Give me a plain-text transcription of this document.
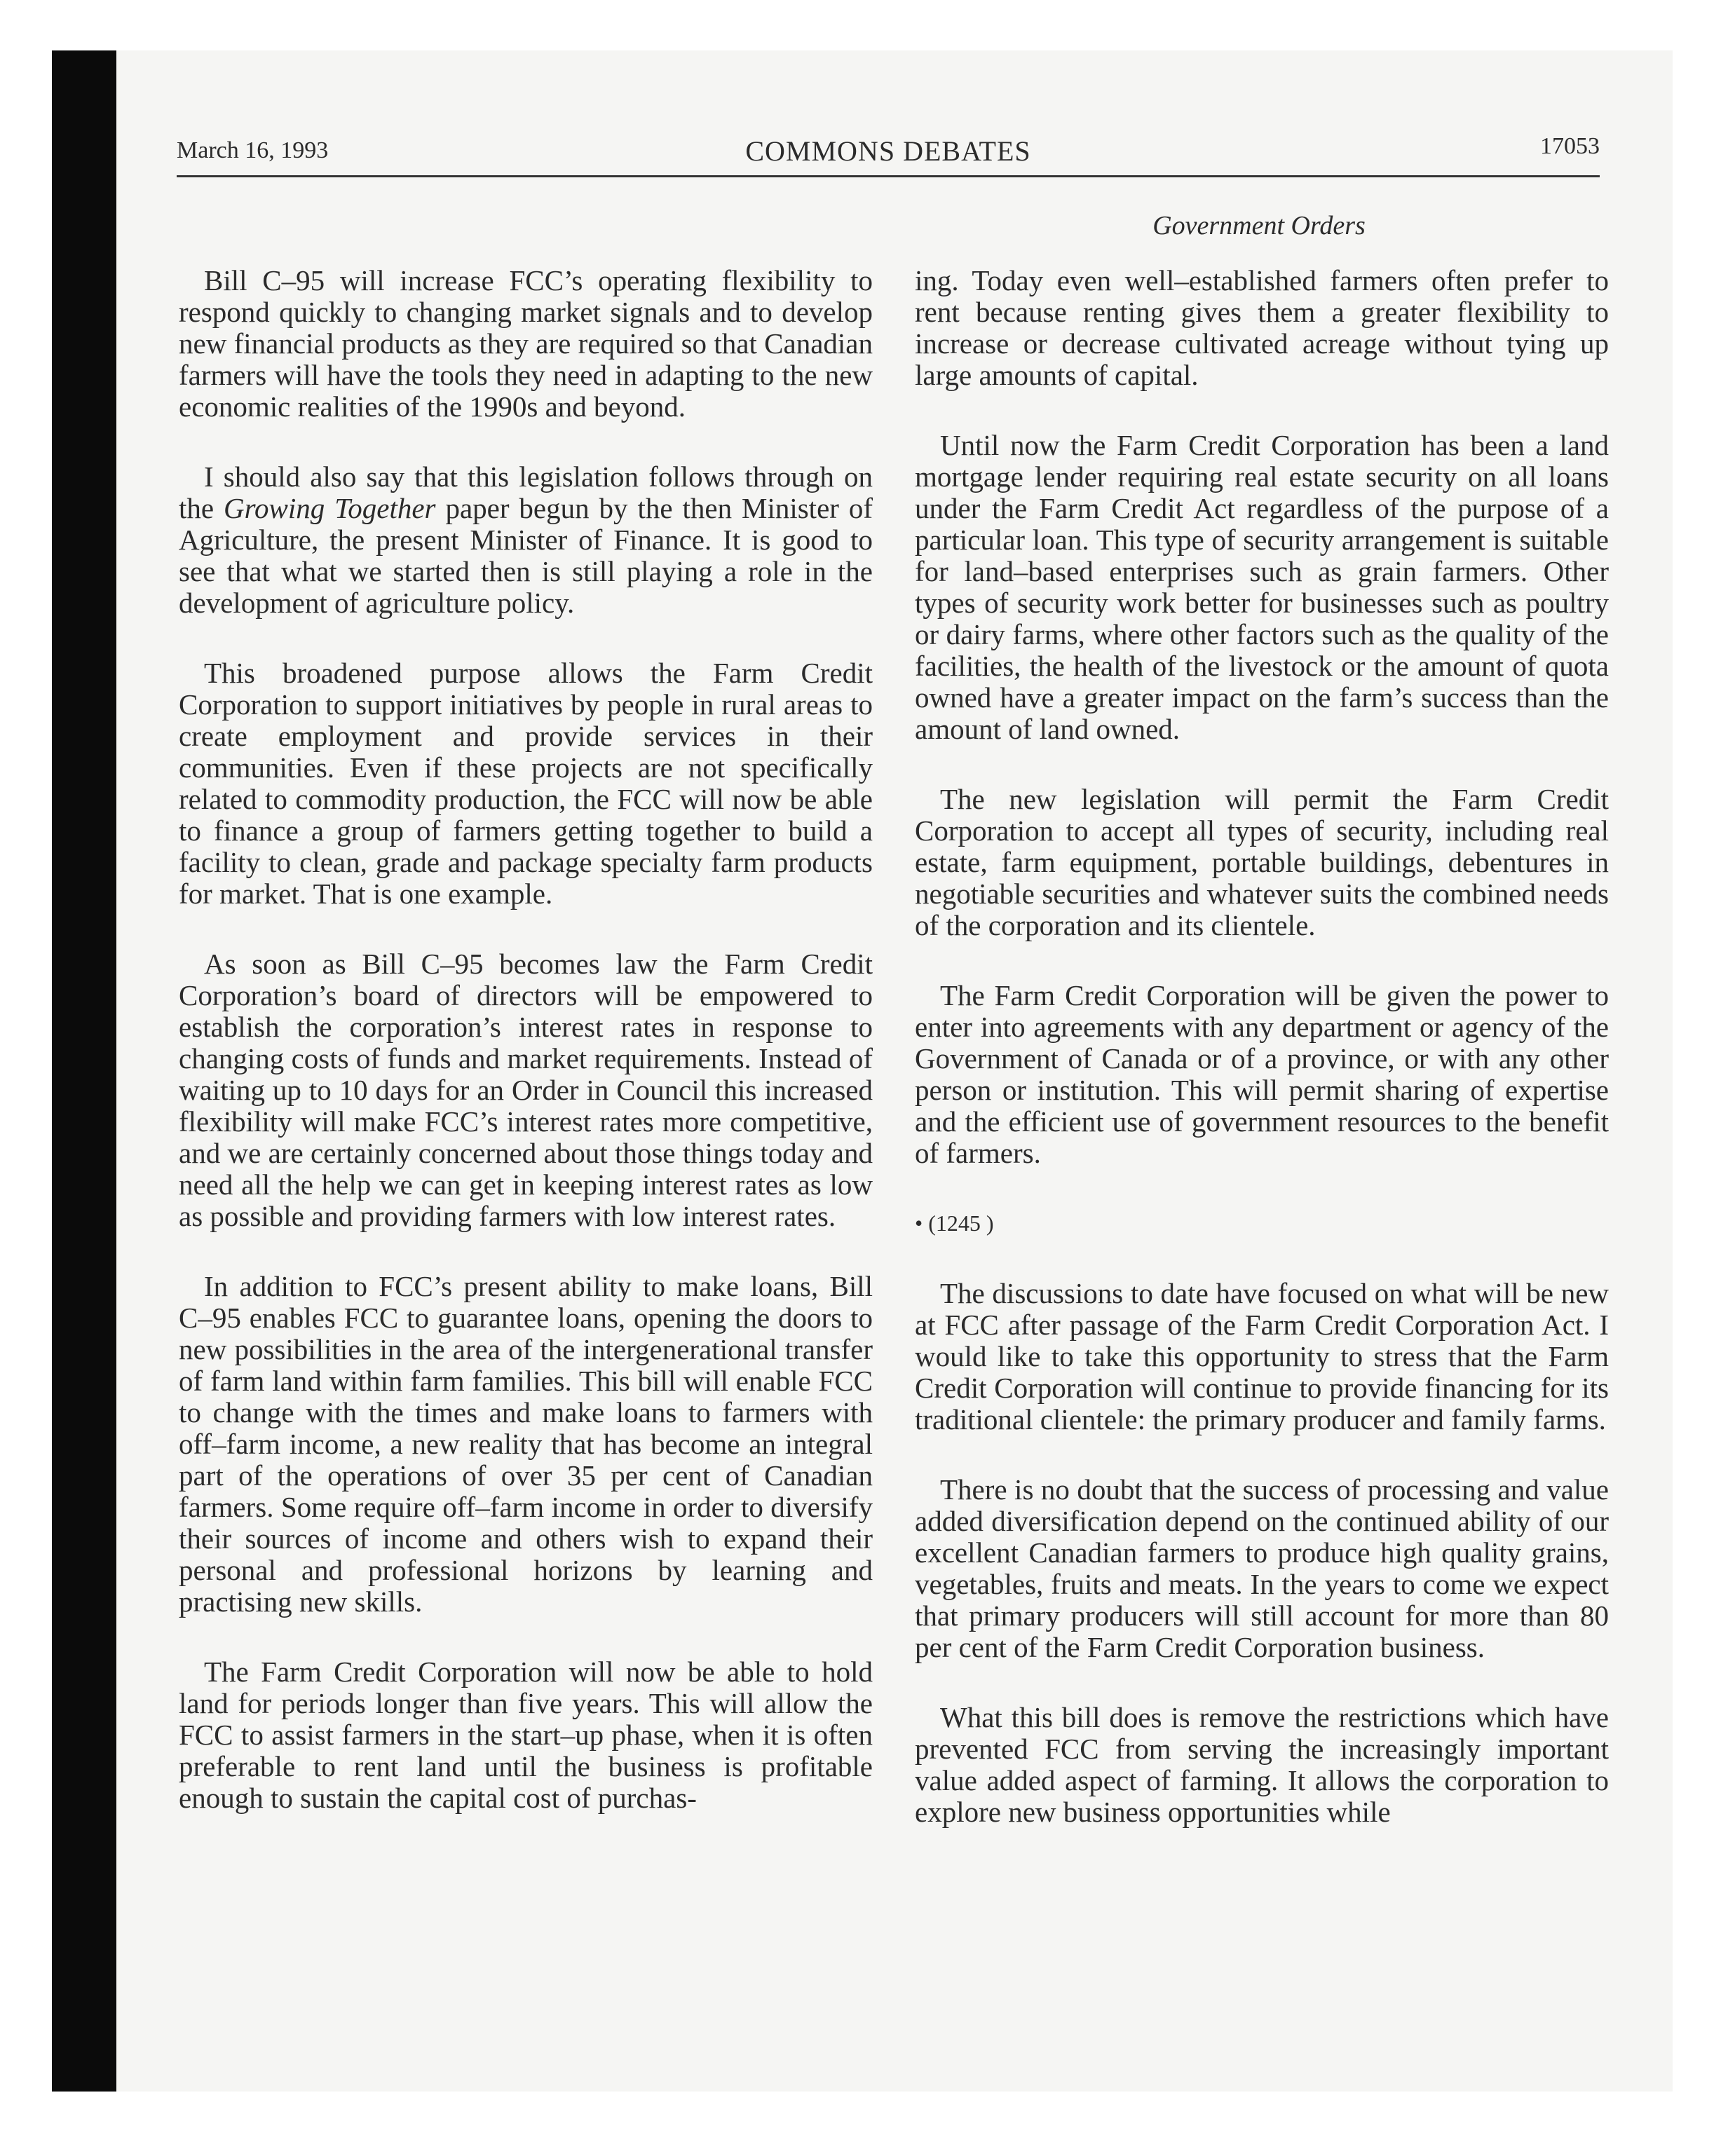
March 16, 1993	COMMONS DEBATES	17053
Government Orders

Bill C–95 will increase FCC’s operating flexibility to respond quickly to changing market signals and to develop new financial products as they are required so that Canadian farmers will have the tools they need in adapting to the new economic realities of the 1990s and beyond.

I should also say that this legislation follows through on the Growing Together paper begun by the then Minister of Agriculture, the present Minister of Finance. It is good to see that what we started then is still playing a role in the development of agriculture policy.

This broadened purpose allows the Farm Credit Corporation to support initiatives by people in rural areas to create employment and provide services in their communities. Even if these projects are not specifically related to commodity production, the FCC will now be able to finance a group of farmers getting together to build a facility to clean, grade and package specialty farm products for market. That is one example.

As soon as Bill C–95 becomes law the Farm Credit Corporation’s board of directors will be empowered to establish the corporation’s interest rates in response to changing costs of funds and market requirements. Instead of waiting up to 10 days for an Order in Council this increased flexibility will make FCC’s interest rates more competitive, and we are certainly concerned about those things today and need all the help we can get in keeping interest rates as low as possible and providing farmers with low interest rates.

In addition to FCC’s present ability to make loans, Bill C–95 enables FCC to guarantee loans, opening the doors to new possibilities in the area of the intergenerational transfer of farm land within farm families. This bill will enable FCC to change with the times and make loans to farmers with off–farm income, a new reality that has become an integral part of the operations of over 35 per cent of Canadian farmers. Some require off–farm income in order to diversify their sources of income and others wish to expand their personal and professional horizons by learning and practising new skills.

The Farm Credit Corporation will now be able to hold land for periods longer than five years. This will allow the FCC to assist farmers in the start–up phase, when it is often preferable to rent land until the business is profitable enough to sustain the capital cost of purchas-

ing. Today even well–established farmers often prefer to rent because renting gives them a greater flexibility to increase or decrease cultivated acreage without tying up large amounts of capital.

Until now the Farm Credit Corporation has been a land mortgage lender requiring real estate security on all loans under the Farm Credit Act regardless of the purpose of a particular loan. This type of security arrangement is suitable for land–based enterprises such as grain farmers. Other types of security work better for businesses such as poultry or dairy farms, where other factors such as the quality of the facilities, the health of the livestock or the amount of quota owned have a greater impact on the farm’s success than the amount of land owned.

The new legislation will permit the Farm Credit Corporation to accept all types of security, including real estate, farm equipment, portable buildings, debentures in negotiable securities and whatever suits the combined needs of the corporation and its clientele.

The Farm Credit Corporation will be given the power to enter into agreements with any department or agency of the Government of Canada or of a province, or with any other person or institution. This will permit sharing of expertise and the efficient use of government resources to the benefit of farmers.

• (1245 )

The discussions to date have focused on what will be new at FCC after passage of the Farm Credit Corporation Act. I would like to take this opportunity to stress that the Farm Credit Corporation will continue to provide financing for its traditional clientele: the primary producer and family farms.

There is no doubt that the success of processing and value added diversification depend on the continued ability of our excellent Canadian farmers to produce high quality grains, vegetables, fruits and meats. In the years to come we expect that primary producers will still account for more than 80 per cent of the Farm Credit Corporation business.

What this bill does is remove the restrictions which have prevented FCC from serving the increasingly important value added aspect of farming. It allows the corporation to explore new business opportunities while
